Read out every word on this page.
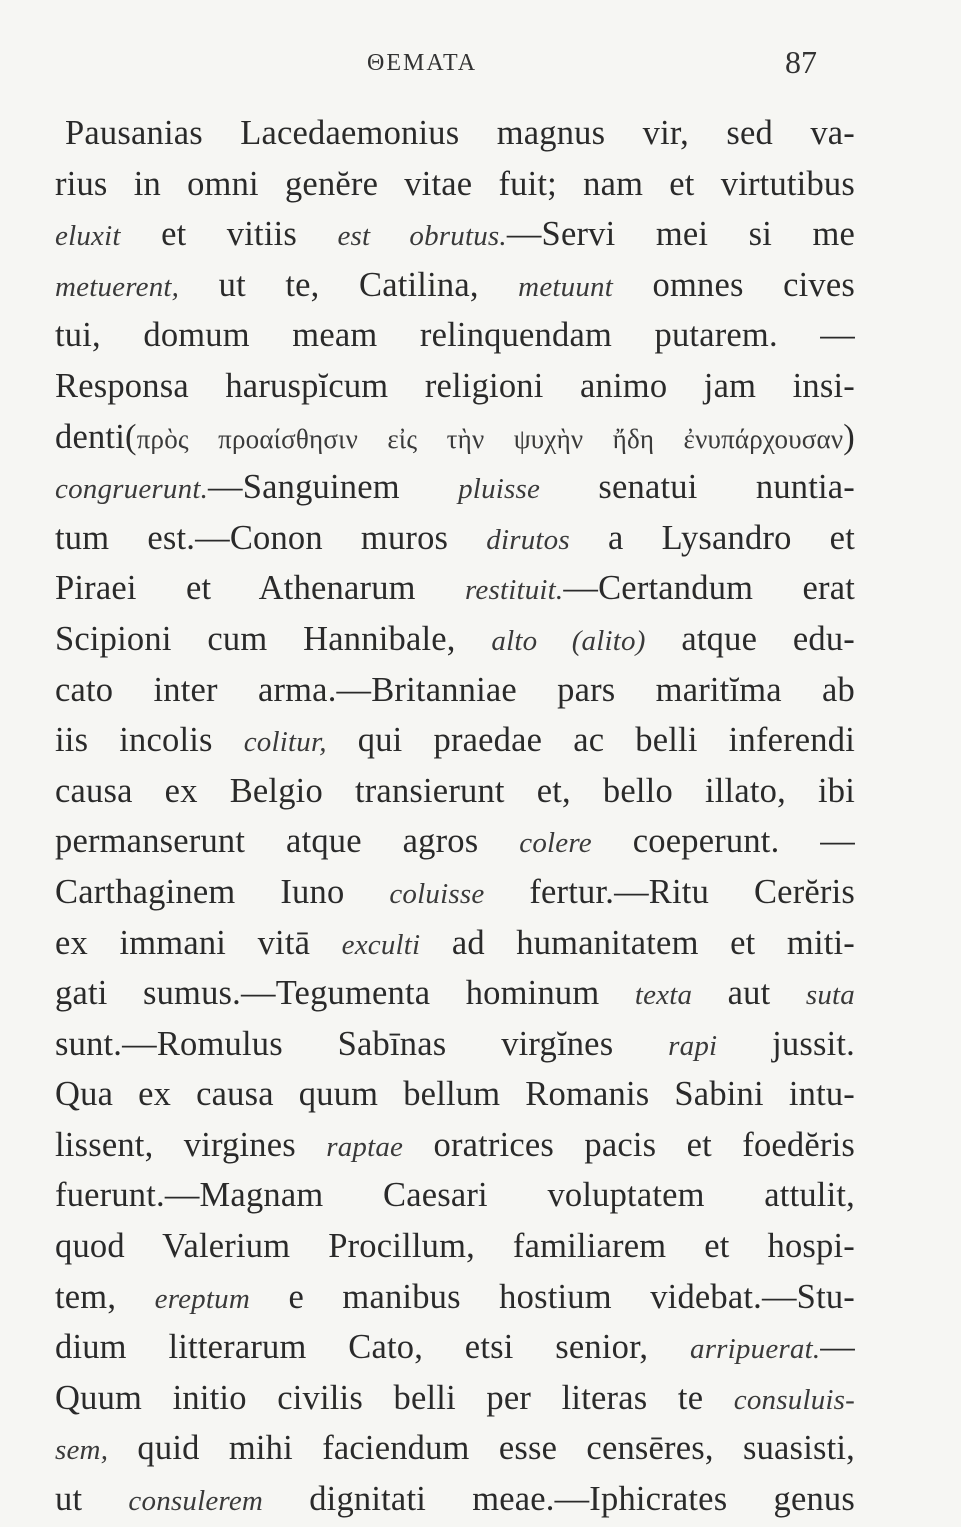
ΘΕΜΑΤΑ	87
Pausanias Lacedaemonius magnus vir, sed va-
rius in omni genĕre vitae fuit; nam et virtutibus
eluxit et vitiis est obrutus.—Servi mei si me
metuerent, ut te, Catilina, metuunt omnes cives
tui, domum meam relinquendam putarem. —
Responsa haruspĭcum religioni animo jam insi-
denti(πρὸς προαίσθησιν εἰς τὴν ψυχὴν ἤδη ἐνυπάρχουσαν)
congruerunt.—Sanguinem pluisse senatui nuntia-
tum est.—Conon muros dirutos a Lysandro et
Piraei et Athenarum restituit.—Certandum erat
Scipioni cum Hannibale, alto (alito) atque edu-
cato inter arma.—Britanniae pars maritĭma ab
iis incolis colitur, qui praedae ac belli inferendi
causa ex Belgio transierunt et, bello illato, ibi
permanserunt atque agros colere coeperunt. —
Carthaginem Iuno coluisse fertur.—Ritu Cerĕris
ex immani vitā exculti ad humanitatem et miti-
gati sumus.—Tegumenta hominum texta aut suta
sunt.—Romulus Sabīnas virgĭnes rapi jussit.
Qua ex causa quum bellum Romanis Sabini intu-
lissent, virgines raptae oratrices pacis et foedĕris
fuerunt.—Magnam Caesari voluptatem attulit,
quod Valerium Procillum, familiarem et hospi-
tem, ereptum e manibus hostium videbat.—Stu-
dium litterarum Cato, etsi senior, arripuerat.—
Quum initio civilis belli per literas te consuluis-
sem, quid mihi faciendum esse censēres, suasisti,
ut consulerem dignitati meae.—Iphicrates genus
